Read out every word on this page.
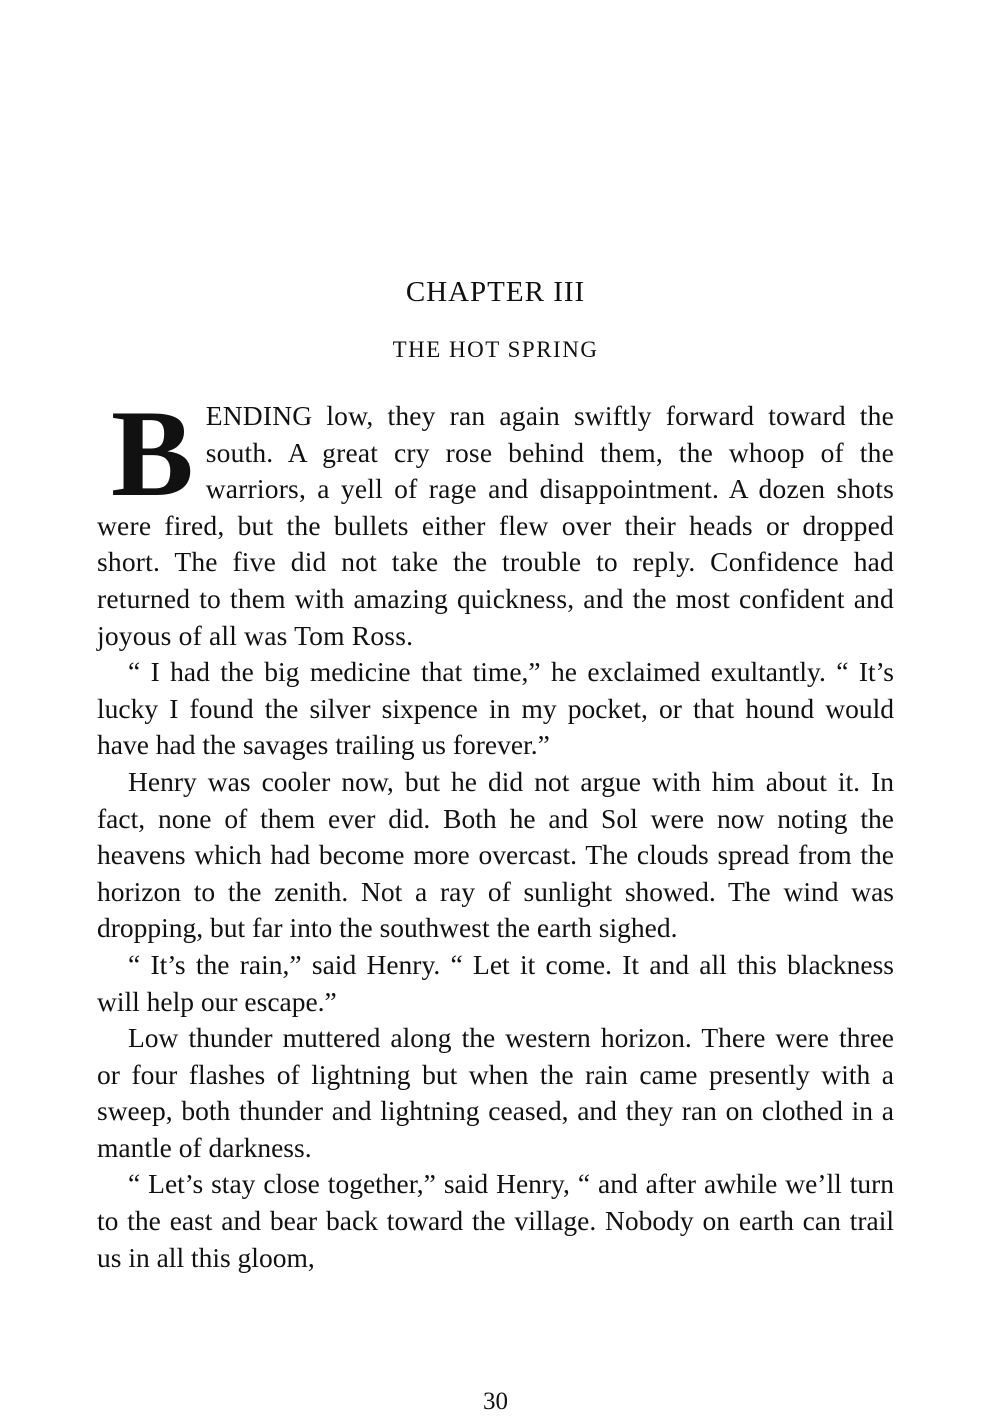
CHAPTER III
THE HOT SPRING

BENDING low, they ran again swiftly forward toward the south. A great cry rose behind them, the whoop of the warriors, a yell of rage and disappointment. A dozen shots were fired, but the bullets either flew over their heads or dropped short. The five did not take the trouble to reply. Confidence had returned to them with amazing quickness, and the most confident and joyous of all was Tom Ross.

“ I had the big medicine that time,” he exclaimed exultantly. “ It’s lucky I found the silver sixpence in my pocket, or that hound would have had the savages trailing us forever.”

Henry was cooler now, but he did not argue with him about it. In fact, none of them ever did. Both he and Sol were now noting the heavens which had become more overcast. The clouds spread from the horizon to the zenith. Not a ray of sunlight showed. The wind was dropping, but far into the southwest the earth sighed.

“ It’s the rain,” said Henry. “ Let it come. It and all this blackness will help our escape.”

Low thunder muttered along the western horizon. There were three or four flashes of lightning but when the rain came presently with a sweep, both thunder and lightning ceased, and they ran on clothed in a mantle of darkness.

“ Let’s stay close together,” said Henry, “ and after awhile we’ll turn to the east and bear back toward the village. Nobody on earth can trail us in all this gloom,

30
